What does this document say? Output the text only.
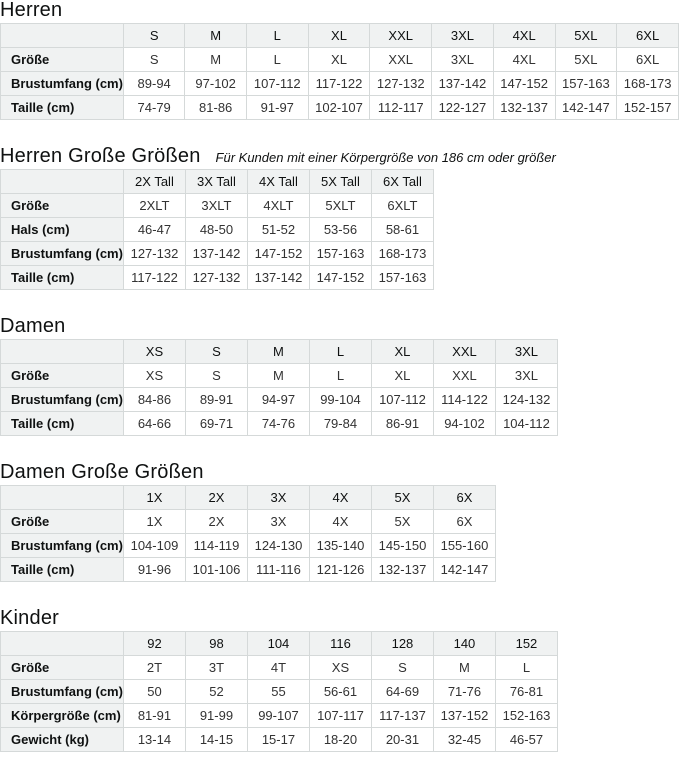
Herren
	S	M	L	XL	XXL	3XL	4XL	5XL	6XL
Größe	S	M	L	XL	XXL	3XL	4XL	5XL	6XL
Brustumfang (cm)	89-94	97-102	107-112	117-122	127-132	137-142	147-152	157-163	168-173
Taille (cm)	74-79	81-86	91-97	102-107	112-117	122-127	132-137	142-147	152-157
Herren Große Größen Für Kunden mit einer Körpergröße von 186 cm oder größer
	2X Tall	3X Tall	4X Tall	5X Tall	6X Tall
Größe	2XLT	3XLT	4XLT	5XLT	6XLT
Hals (cm)	46-47	48-50	51-52	53-56	58-61
Brustumfang (cm)	127-132	137-142	147-152	157-163	168-173
Taille (cm)	117-122	127-132	137-142	147-152	157-163
Damen
	XS	S	M	L	XL	XXL	3XL
Größe	XS	S	M	L	XL	XXL	3XL
Brustumfang (cm)	84-86	89-91	94-97	99-104	107-112	114-122	124-132
Taille (cm)	64-66	69-71	74-76	79-84	86-91	94-102	104-112
Damen Große Größen
	1X	2X	3X	4X	5X	6X
Größe	1X	2X	3X	4X	5X	6X
Brustumfang (cm)	104-109	114-119	124-130	135-140	145-150	155-160
Taille (cm)	91-96	101-106	111-116	121-126	132-137	142-147
Kinder
	92	98	104	116	128	140	152
Größe	2T	3T	4T	XS	S	M	L
Brustumfang (cm)	50	52	55	56-61	64-69	71-76	76-81
Körpergröße (cm)	81-91	91-99	99-107	107-117	117-137	137-152	152-163
Gewicht (kg)	13-14	14-15	15-17	18-20	20-31	32-45	46-57
